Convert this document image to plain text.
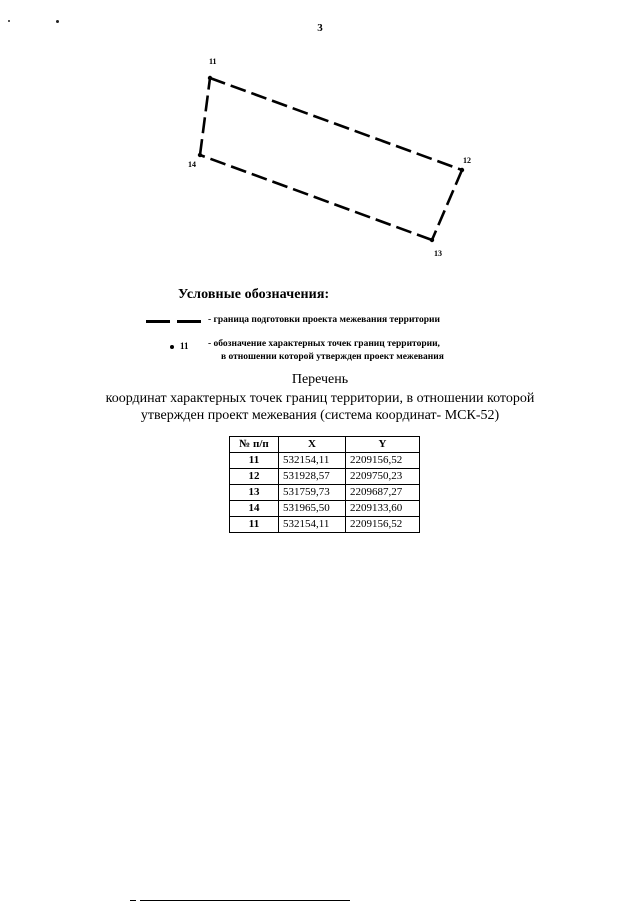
3
11
12
13
14
Условные обозначения:
- граница подготовки проекта межевания территории
11 - обозначение характерных точек границ территории,
в отношении которой утвержден проект межевания
Перечень
координат характерных точек границ территории, в отношении которой
утвержден проект межевания (система координат- МСК-52)
№ п/п	X	Y
11	532154,11	2209156,52
12	531928,57	2209750,23
13	531759,73	2209687,27
14	531965,50	2209133,60
11	532154,11	2209156,52
